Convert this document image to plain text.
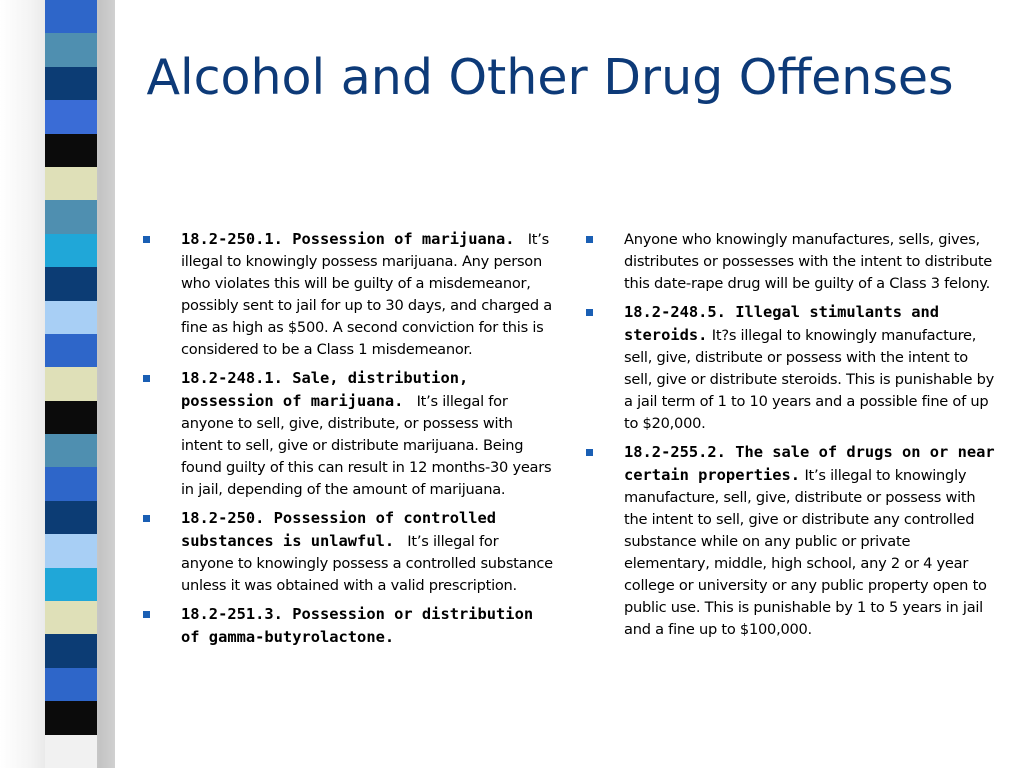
Alcohol and Other Drug Offenses
18.2-250.1. Possession of marijuana. It’s illegal to knowingly possess marijuana. Any person who violates this will be guilty of a misdemeanor, possibly sent to jail for up to 30 days, and charged a fine as high as $500. A second conviction for this is considered to be a Class 1 misdemeanor.
18.2-248.1. Sale, distribution, possession of marijuana. It’s illegal for anyone to sell, give, distribute, or possess with intent to sell, give or distribute marijuana. Being found guilty of this can result in 12 months-30 years in jail, depending of the amount of marijuana.
18.2-250. Possession of controlled substances is unlawful. It’s illegal for anyone to knowingly possess a controlled substance unless it was obtained with a valid prescription.
18.2-251.3. Possession or distribution of gamma-butyrolactone.
Anyone who knowingly manufactures, sells, gives, distributes or possesses with the intent to distribute this date-rape drug will be guilty of a Class 3 felony.
18.2-248.5. Illegal stimulants and steroids. It?s illegal to knowingly manufacture, sell, give, distribute or possess with the intent to sell, give or distribute steroids. This is punishable by a jail term of 1 to 10 years and a possible fine of up to $20,000.
18.2-255.2. The sale of drugs on or near certain properties. It’s illegal to knowingly manufacture, sell, give, distribute or possess with the intent to sell, give or distribute any controlled substance while on any public or private elementary, middle, high school, any 2 or 4 year college or university or any public property open to public use. This is punishable by 1 to 5 years in jail and a fine up to $100,000.
